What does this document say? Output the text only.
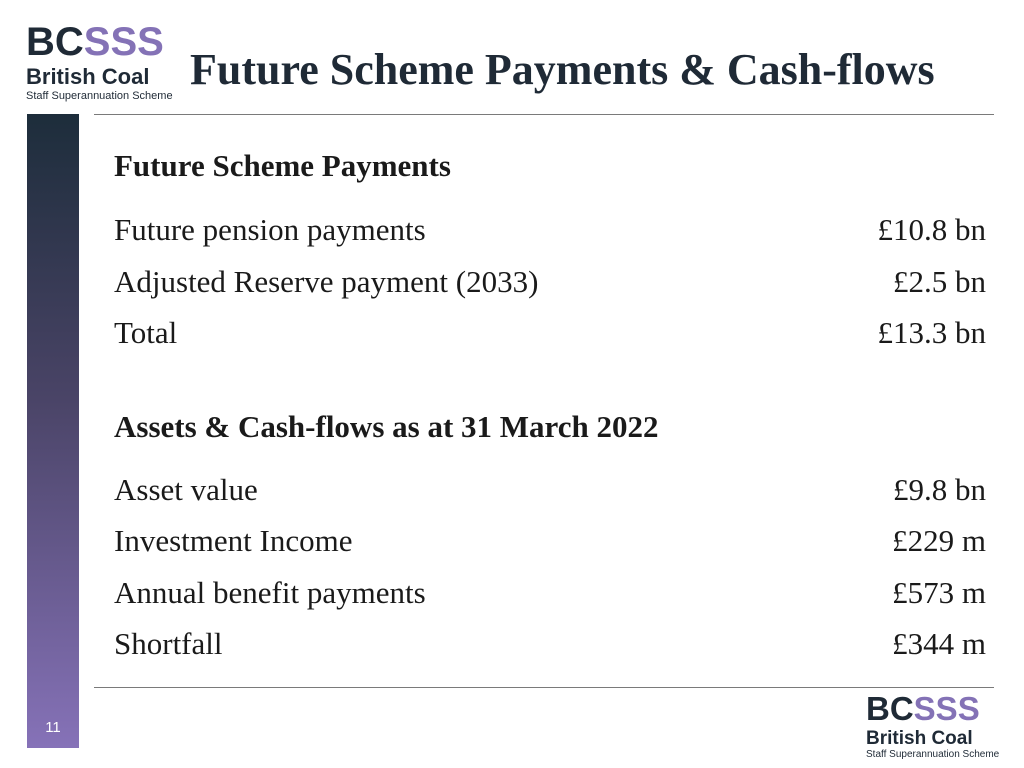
BCSSS
British Coal
Staff Superannuation Scheme
Future Scheme Payments & Cash-flows
11
Future Scheme Payments
Future pension payments	£10.8 bn
Adjusted Reserve payment (2033)	£2.5 bn
Total	£13.3 bn
Assets & Cash-flows as at 31 March 2022
Asset value	£9.8 bn
Investment Income	£229 m
Annual benefit payments	£573 m
Shortfall	£344 m
BCSSS
British Coal
Staff Superannuation Scheme
